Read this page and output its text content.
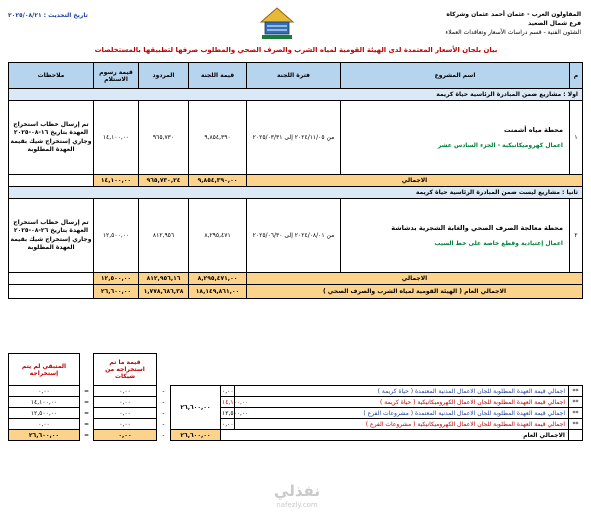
تاريخ التحديث : ٢٠٢٥/٠٨/٢١	المقاولون العرب - عثمان أحمد عثمان وشركاه
فرع شمال الصعيد
الشئون الفنية - قسم دراسات الأسعار وتعاقدات العملاء
بيان بلجان الأسعار المعتمدة لدى الهيئة القومية لمياه الشرب والصرف الصحي والمطلوب صرفها لتطبيقها بالمستخلصات
ملاحظات	قيمة رسوم الاستلام	المردود	قيمة اللجنة	فترة اللجنة	اسم المشروع	م
اولا : مشاريع ضمن المبادرة الرئاسية حياة كريمة						
تم إرسال خطاب استخراج العهدة بتاريخ ١٦-٠٨-٢٠٢٥ وجاري إستخراج شيك بقيمة العهدة المطلوبة	١٤,١٠٠,٠٠	٩٦٥,٧٣٠	٩,٨٥٤,٣٩٠	من ٢٠٢٤/١١/٠٥ إلى ٢٠٢٥/٠٣/٣١	محطة مياه أشمنت
اعمال كهروميكانيكية - الجزء السادس عشر	١
	١٤,١٠٠,٠٠	٩٦٥,٧٣٠,٢٤	٩,٨٥٤,٣٩٠,٠٠	الاجمالي		
ثانيا : مشاريع ليست ضمن المبادرة الرئاسية حياة كريمة						
تم إرسال خطاب استخراج العهدة بتاريخ ٢٦-٠٨-٢٠٢٥ وجاري إستخراج شيك بقيمة العهدة المطلوبة	١٢,٥٠٠,٠٠	٨١٢,٩٥٦	٨,٢٩٥,٤٧١	من ٢٠٢٤/٠٨/٠١ إلى ٢٠٢٥/٠٦/٣٠	محطة معالجة الصرف الصحي والغابة الشجرية بدشاشة
اعمال إعتيادية وقطع خاصة على خط السيب	٢
	١٢,٥٠٠,٠٠	٨١٢,٩٥٦,١٦	٨,٢٩٥,٤٧١,٠٠	الاجمالي		
	٢٦,٦٠٠,٠٠	١,٧٧٨,٦٨٦,٣٨	١٨,١٤٩,٨٦١,٠٠	الاجمالي العام ( الهيئة القومية لمياه الشرب والصرف الصحي )		
المتبقي لم يتم إستخراجه		قيمة ما تم استخراجه من شيكات					
٠,٠٠	=	٠,٠٠	-	٢٦,٦٠٠,٠٠	٠,٠٠	اجمالي قيمة العهدة المطلوبة للجان الاعمال المدنية المعتمدة ( حياة كريمة )	**
١٤,١٠٠,٠٠	=	٠,٠٠	-		١٤,١٠٠,٠٠	اجمالي قيمة العهدة المطلوبة للجان الاعمال الكهروميكانيكية ( حياة كريمة )	**
١٢,٥٠٠,٠٠	=	٠,٠٠	-		١٢,٥٠٠,٠٠	اجمالي قيمة العهدة المطلوبة للجان الاعمال المدنية المعتمدة ( مشروعات الفرع )	**
٠,٠٠	=	٠,٠٠	-		٠,٠٠	اجمالي قيمة العهدة المطلوبة للجان الاعمال الكهروميكانيكية ( مشروعات الفرع )	**
٢٦,٦٠٠,٠٠	=	٠,٠٠	-	٢٦,٦٠٠,٠٠	الاجمالي العام		
نفذلي
nafezly.com
